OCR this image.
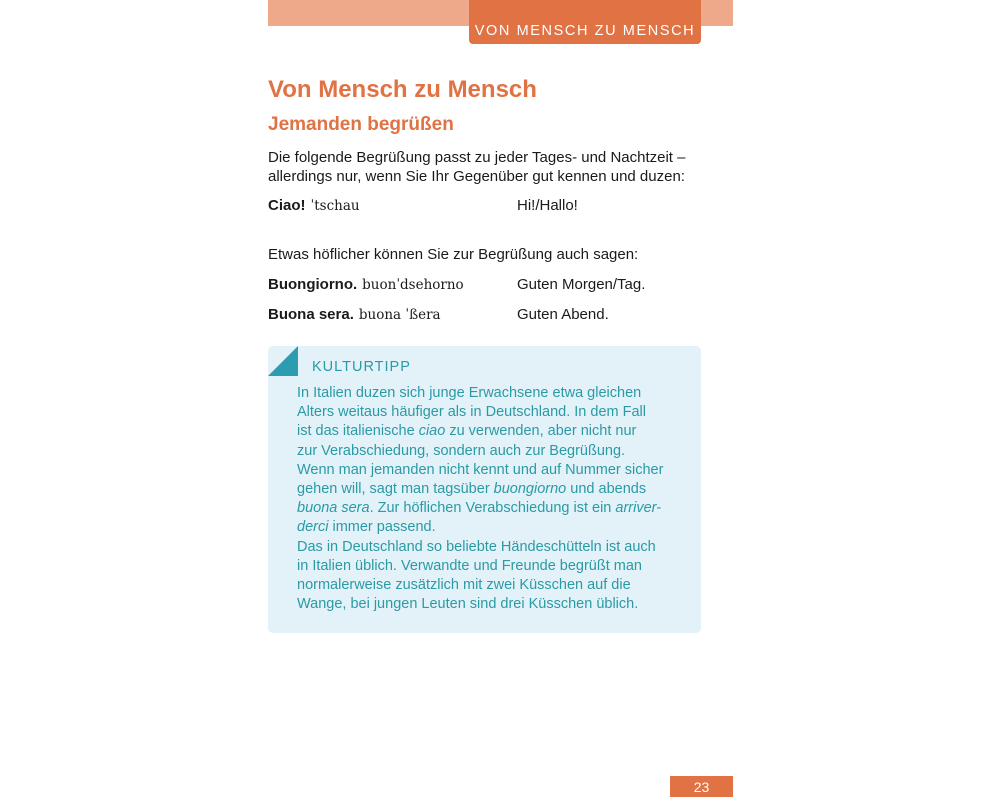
VON MENSCH ZU MENSCH
Von Mensch zu Mensch
Jemanden begrüßen

Die folgende Begrüßung passt zu jeder Tages- und Nachtzeit –
allerdings nur, wenn Sie Ihr Gegenüber gut kennen und duzen:

Ciao! ˈtschau	Hi!/Hallo!

Etwas höflicher können Sie zur Begrüßung auch sagen:

Buongiorno. buonˈdsehorno	Guten Morgen/Tag.
Buona sera. buona ˈßera	Guten Abend.

KULTURTIPP

In Italien duzen sich junge Erwachsene etwa gleichen
Alters weitaus häufiger als in Deutschland. In dem Fall
ist das italienische ciao zu verwenden, aber nicht nur
zur Verabschiedung, sondern auch zur Begrüßung.
Wenn man jemanden nicht kennt und auf Nummer sicher
gehen will, sagt man tagsüber buongiorno und abends
buona sera. Zur höflichen Verabschiedung ist ein arriver-
derci immer passend.
Das in Deutschland so beliebte Händeschütteln ist auch
in Italien üblich. Verwandte und Freunde begrüßt man
normalerweise zusätzlich mit zwei Küsschen auf die
Wange, bei jungen Leuten sind drei Küsschen üblich.
23
